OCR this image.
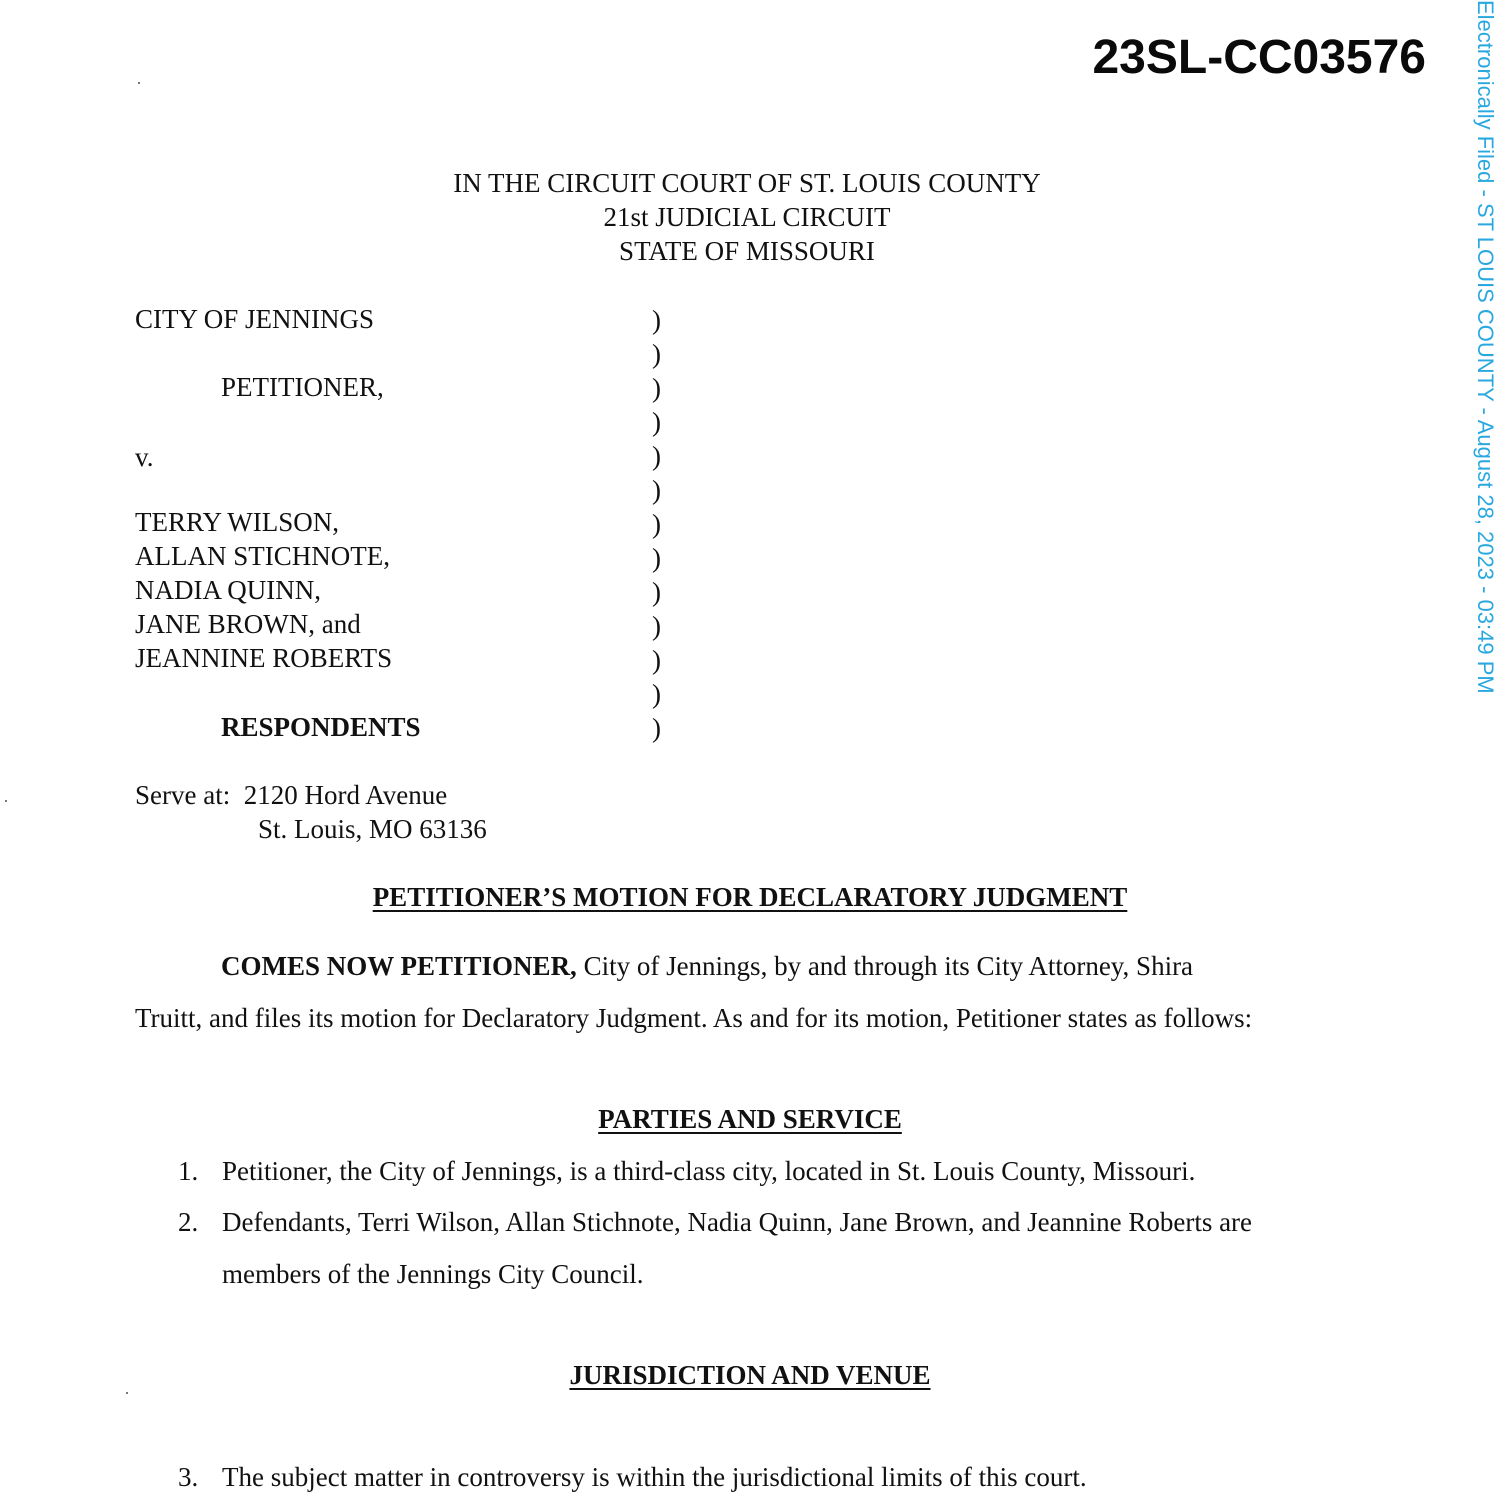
23SL-CC03576 Electronically Filed - ST LOUIS COUNTY - August 28, 2023 - 03:49 PM
IN THE CIRCUIT COURT OF ST. LOUIS COUNTY
21st JUDICIAL CIRCUIT
STATE OF MISSOURI
CITY OF JENNINGS
PETITIONER,
v.
TERRY WILSON,
ALLAN STICHNOTE,
NADIA QUINN,
JANE BROWN, and
JEANNINE ROBERTS
RESPONDENTS
)
)
)
)
)
)
)
)
)
)
)
)
)
Serve at: 2120 Hord Avenue
St. Louis, MO 63136
PETITIONER’S MOTION FOR DECLARATORY JUDGMENT
COMES NOW PETITIONER, City of Jennings, by and through its City Attorney, Shira
Truitt, and files its motion for Declaratory Judgment. As and for its motion, Petitioner states as follows:
PARTIES AND SERVICE
1. Petitioner, the City of Jennings, is a third-class city, located in St. Louis County, Missouri.
2. Defendants, Terri Wilson, Allan Stichnote, Nadia Quinn, Jane Brown, and Jeannine Roberts are
members of the Jennings City Council.
JURISDICTION AND VENUE
3. The subject matter in controversy is within the jurisdictional limits of this court.
